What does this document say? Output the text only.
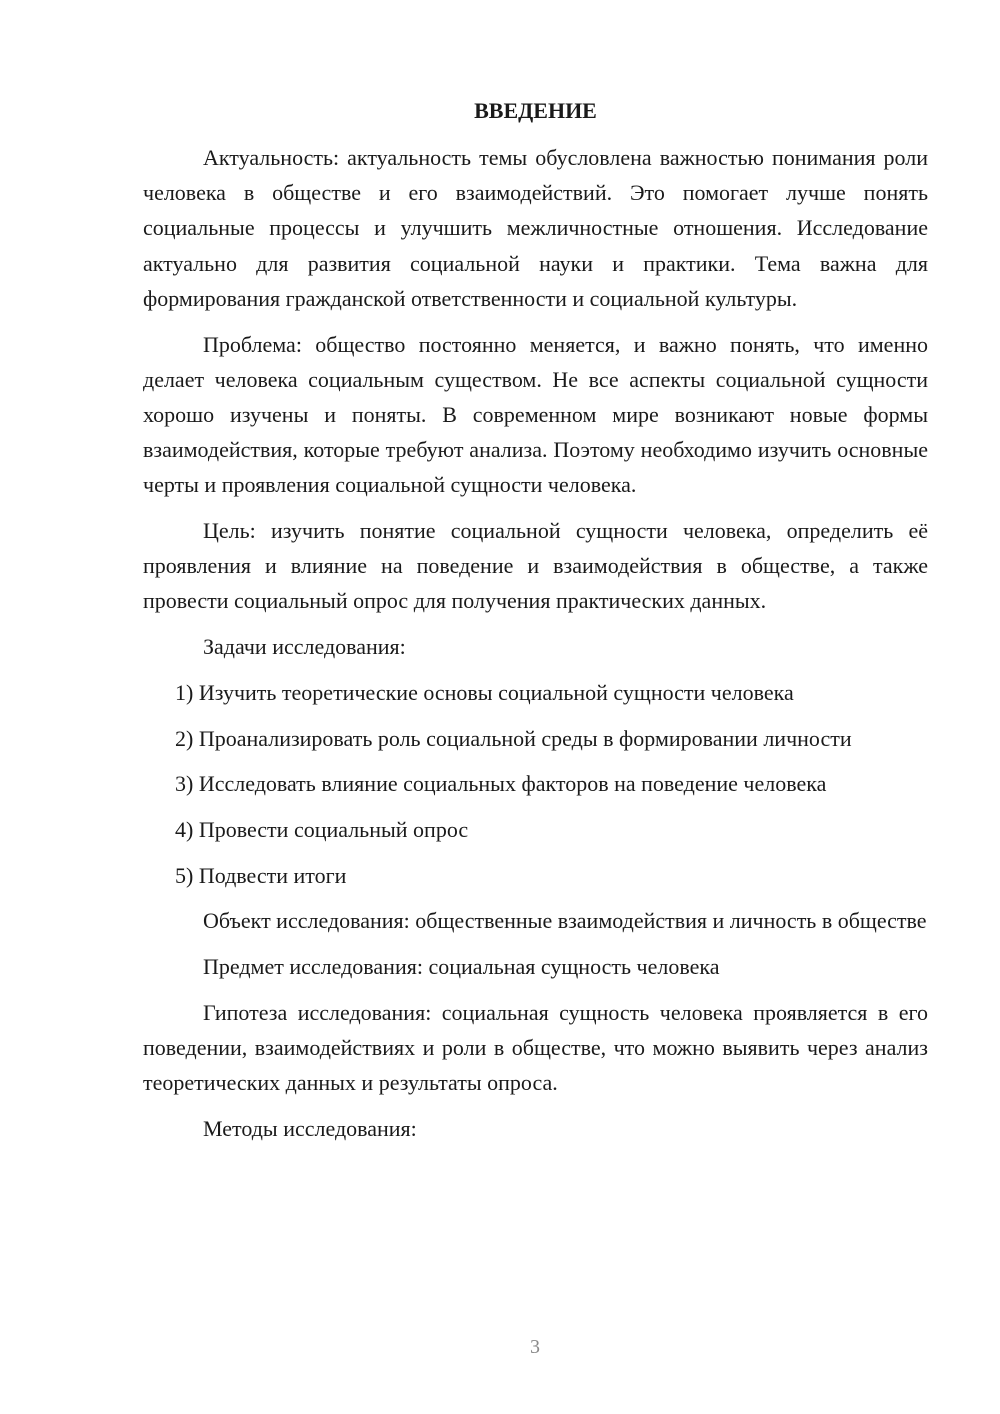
ВВЕДЕНИЕ

Актуальность: актуальность темы обусловлена важностью понимания роли человека в обществе и его взаимодействий. Это помогает лучше понять социальные процессы и улучшить межличностные отношения. Исследование актуально для развития социальной науки и практики. Тема важна для формирования гражданской ответственности и социальной культуры.

Проблема: общество постоянно меняется, и важно понять, что именно делает человека социальным существом. Не все аспекты социальной сущности хорошо изучены и поняты. В современном мире возникают новые формы взаимодействия, которые требуют анализа. Поэтому необходимо изучить основные черты и проявления социальной сущности человека.

Цель: изучить понятие социальной сущности человека, определить её проявления и влияние на поведение и взаимодействия в обществе, а также провести социальный опрос для получения практических данных.

Задачи исследования:

1) Изучить теоретические основы социальной сущности человека

2) Проанализировать роль социальной среды в формировании личности

3) Исследовать влияние социальных факторов на поведение человека

4) Провести социальный опрос

5) Подвести итоги

Объект исследования: общественные взаимодействия и личность в обществе

Предмет исследования: социальная сущность человека

Гипотеза исследования: социальная сущность человека проявляется в его поведении, взаимодействиях и роли в обществе, что можно выявить через анализ теоретических данных и результаты опроса.

Методы исследования:

3
